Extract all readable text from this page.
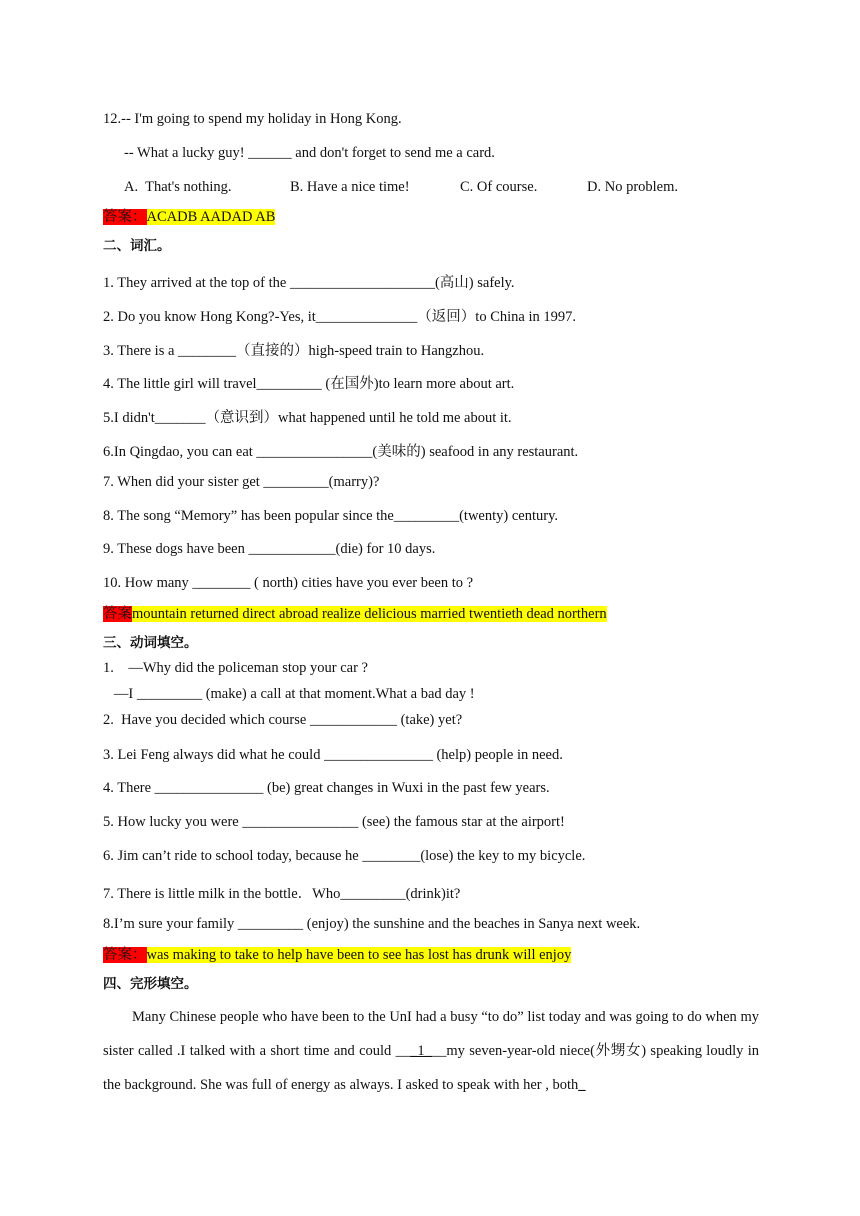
12.-- I'm going to spend my holiday in Hong Kong.
-- What a lucky guy! ______ and don't forget to send me a card.
A.  That's nothing.	B. Have a nice time!	C. Of course.	D. No problem.
答案：ACADB AADAD AB
二、词汇。
1. They arrived at the top of the ____________________(高山) safely.
2. Do you know Hong Kong?-Yes, it______________（返回）to China in 1997.
3. There is a ________（直接的）high-speed train to Hangzhou.
4. The little girl will travel_________ (在国外)to learn more about art.
5.I didn't_______（意识到）what happened until he told me about it.
6.In Qingdao, you can eat ________________(美味的) seafood in any restaurant.
7. When did your sister get _________(marry)?
8. The song “Memory” has been popular since the_________(twenty) century.
9. These dogs have been ____________(die) for 10 days.
10. How many ________ ( north) cities have you ever been to ?
答案mountain returned direct abroad realize delicious married twentieth dead northern
三、动词填空。
1.    —Why did the policeman stop your car ?
—I _________ (make) a call at that moment.What a bad day !
2.  Have you decided which course ____________ (take) yet?
3. Lei Feng always did what he could _______________ (help) people in need.
4. There _______________ (be) great changes in Wuxi in the past few years.
5. How lucky you were ________________ (see) the famous star at the airport!
6. Jim can’t ride to school today, because he ________(lose) the key to my bicycle.
7. There is little milk in the bottle．Who_________(drink)it?
8.I’m sure your family _________ (enjoy) the sunshine and the beaches in Sanya next week.
答案：was making to take to help have been to see has lost has drunk will enjoy
四、完形填空。
Many Chinese people who have been to the UnI had a busy “to do” list today and was going to do when my sister called .I talked with a short time and could ___1___my seven-year-old niece(外甥女) speaking loudly in the background. She was full of energy as always. I asked to speak with her , both_
